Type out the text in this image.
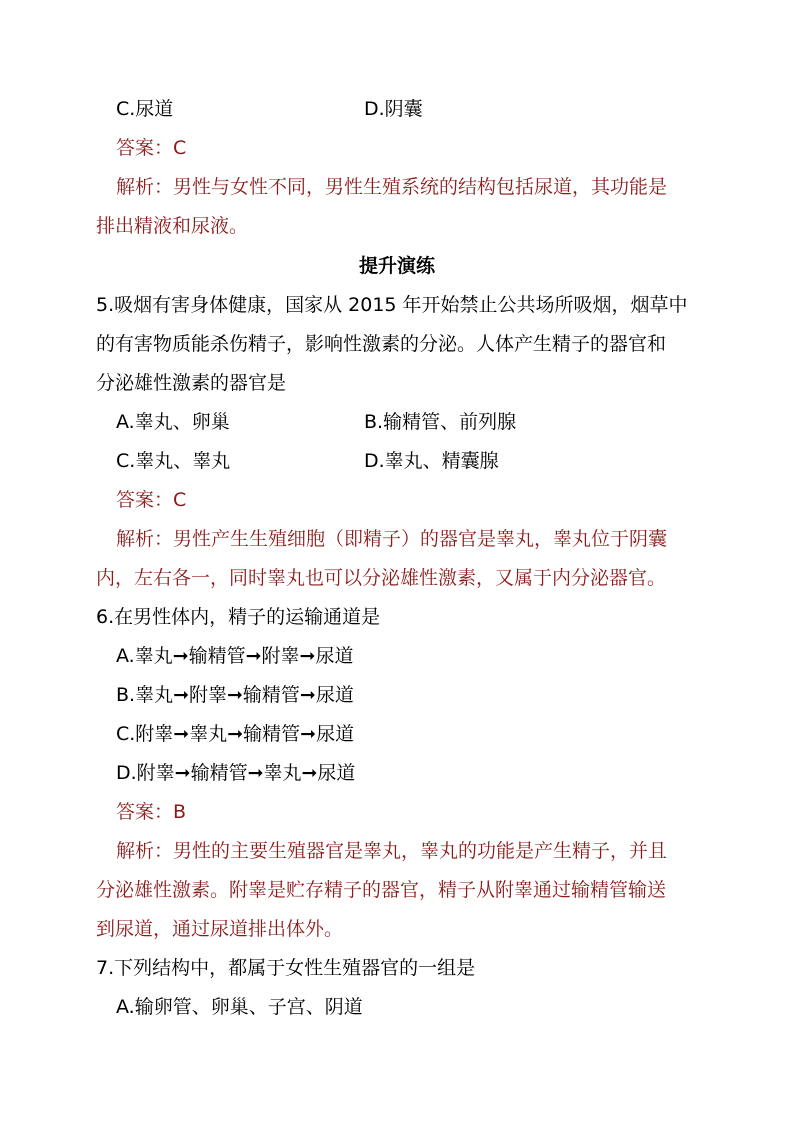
C.尿道	D.阴囊
答案：C
解析：男性与女性不同，男性生殖系统的结构包括尿道，其功能是
排出精液和尿液。
提升演练
5.吸烟有害身体健康，国家从 2015 年开始禁止公共场所吸烟，烟草中
的有害物质能杀伤精子，影响性激素的分泌。人体产生精子的器官和
分泌雄性激素的器官是
A.睾丸、卵巢	B.输精管、前列腺
C.睾丸、睾丸	D.睾丸、精囊腺
答案：C
解析：男性产生生殖细胞（即精子）的器官是睾丸，睾丸位于阴囊
内，左右各一，同时睾丸也可以分泌雄性激素，又属于内分泌器官。
6.在男性体内，精子的运输通道是
A.睾丸➞输精管➞附睾➞尿道
B.睾丸➞附睾➞输精管➞尿道
C.附睾➞睾丸➞输精管➞尿道
D.附睾➞输精管➞睾丸➞尿道
答案：B
解析：男性的主要生殖器官是睾丸，睾丸的功能是产生精子，并且
分泌雄性激素。附睾是贮存精子的器官，精子从附睾通过输精管输送
到尿道，通过尿道排出体外。
7.下列结构中，都属于女性生殖器官的一组是
A.输卵管、卵巢、子宫、阴道
